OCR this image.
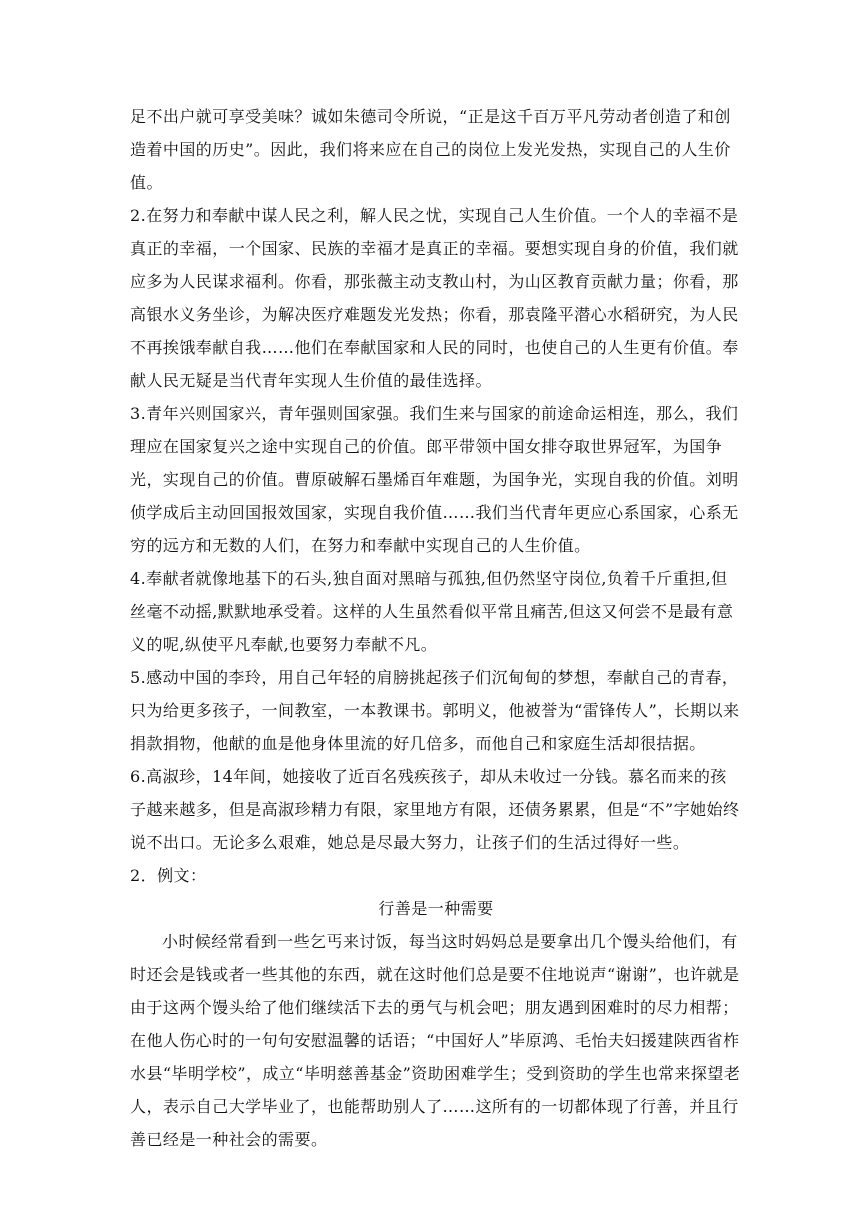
足不出户就可享受美味？诚如朱德司令所说，“正是这千百万平凡劳动者创造了和创造着中国的历史”。因此，我们将来应在自己的岗位上发光发热，实现自己的人生价值。

2.在努力和奉献中谋人民之利，解人民之忧，实现自己人生价值。一个人的幸福不是真正的幸福，一个国家、民族的幸福才是真正的幸福。要想实现自身的价值，我们就应多为人民谋求福利。你看，那张薇主动支教山村，为山区教育贡献力量；你看，那高银水义务坐诊，为解决医疗难题发光发热；你看，那袁隆平潜心水稻研究，为人民不再挨饿奉献自我……他们在奉献国家和人民的同时，也使自己的人生更有价值。奉献人民无疑是当代青年实现人生价值的最佳选择。

3.青年兴则国家兴，青年强则国家强。我们生来与国家的前途命运相连，那么，我们理应在国家复兴之途中实现自己的价值。郎平带领中国女排夺取世界冠军，为国争光，实现自己的价值。曹原破解石墨烯百年难题，为国争光，实现自我的价值。刘明侦学成后主动回国报效国家，实现自我价值……我们当代青年更应心系国家，心系无穷的远方和无数的人们，在努力和奉献中实现自己的人生价值。

4.奉献者就像地基下的石头,独自面对黑暗与孤独,但仍然坚守岗位,负着千斤重担,但丝毫不动摇,默默地承受着。这样的人生虽然看似平常且痛苦,但这又何尝不是最有意义的呢,纵使平凡奉献,也要努力奉献不凡。

5.感动中国的李玲，用自己年轻的肩膀挑起孩子们沉甸甸的梦想，奉献自己的青春，只为给更多孩子，一间教室，一本教课书。郭明义，他被誉为“雷锋传人”，长期以来捐款捐物，他献的血是他身体里流的好几倍多，而他自己和家庭生活却很拮据。

6.高淑珍，14年间，她接收了近百名残疾孩子，却从未收过一分钱。慕名而来的孩子越来越多，但是高淑珍精力有限，家里地方有限，还债务累累，但是“不”字她始终说不出口。无论多么艰难，她总是尽最大努力，让孩子们的生活过得好一些。

2．例文：

行善是一种需要

小时候经常看到一些乞丐来讨饭，每当这时妈妈总是要拿出几个馒头给他们，有时还会是钱或者一些其他的东西，就在这时他们总是要不住地说声“谢谢”，也许就是由于这两个馒头给了他们继续活下去的勇气与机会吧；朋友遇到困难时的尽力相帮；在他人伤心时的一句句安慰温馨的话语；“中国好人”毕原鸿、毛怡夫妇援建陕西省柞水县“毕明学校”，成立“毕明慈善基金”资助困难学生；受到资助的学生也常来探望老人，表示自己大学毕业了，也能帮助别人了……这所有的一切都体现了行善，并且行善已经是一种社会的需要。
